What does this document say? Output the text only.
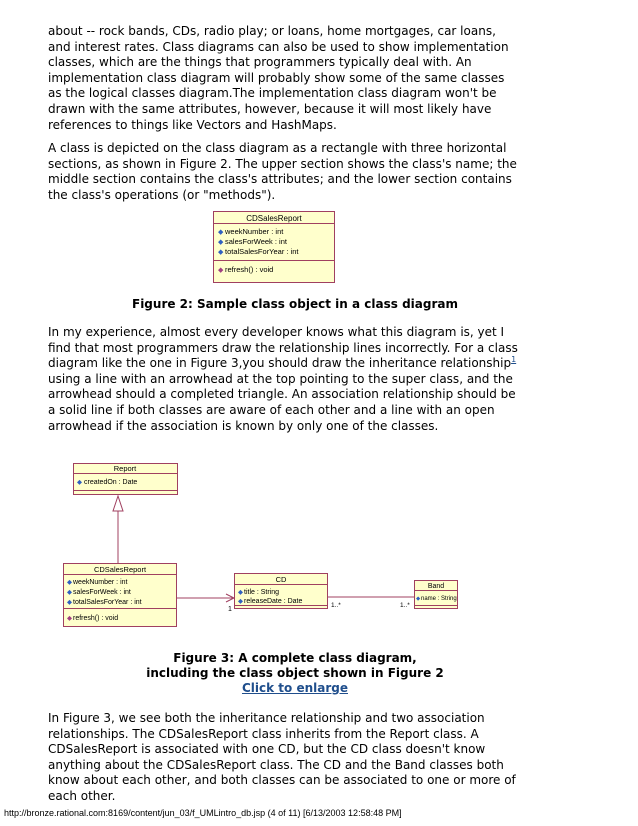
about -- rock bands, CDs, radio play; or loans, home mortgages, car loans, and interest rates. Class diagrams can also be used to show implementation classes, which are the things that programmers typically deal with. An implementation class diagram will probably show some of the same classes as the logical classes diagram.The implementation class diagram won't be drawn with the same attributes, however, because it will most likely have references to things like Vectors and HashMaps.

A class is depicted on the class diagram as a rectangle with three horizontal sections, as shown in Figure 2. The upper section shows the class's name; the middle section contains the class's attributes; and the lower section contains the class's operations (or "methods").

CDSalesReport
◆ weekNumber : int
◆ salesForWeek : int
◆ totalSalesForYear : int
◆ refresh() : void
Figure 2: Sample class object in a class diagram

In my experience, almost every developer knows what this diagram is, yet I find that most programmers draw the relationship lines incorrectly. For a class diagram like the one in Figure 3,you should draw the inheritance relationship$^1$ using a line with an arrowhead at the top pointing to the super class, and the arrowhead should a completed triangle. An association relationship should be a solid line if both classes are aware of each other and a line with an open arrowhead if the association is known by only one of the classes.

Report
◆ createdOn : Date
CDSalesReport
◆ weekNumber : int
◆ salesForWeek : int
◆ totalSalesForYear : int
◆ refresh() : void
1
CD
◆ title : String
◆ releaseDate : Date
1..*	1..*
Band
◆ name : String
Figure 3: A complete class diagram,
including the class object shown in Figure 2
Click to enlarge

In Figure 3, we see both the inheritance relationship and two association relationships. The CDSalesReport class inherits from the Report class. A CDSalesReport is associated with one CD, but the CD class doesn't know anything about the CDSalesReport class. The CD and the Band classes both know about each other, and both classes can be associated to one or more of each other.

http://bronze.rational.com:8169/content/jun_03/f_UMLintro_db.jsp (4 of 11) [6/13/2003 12:58:48 PM]
